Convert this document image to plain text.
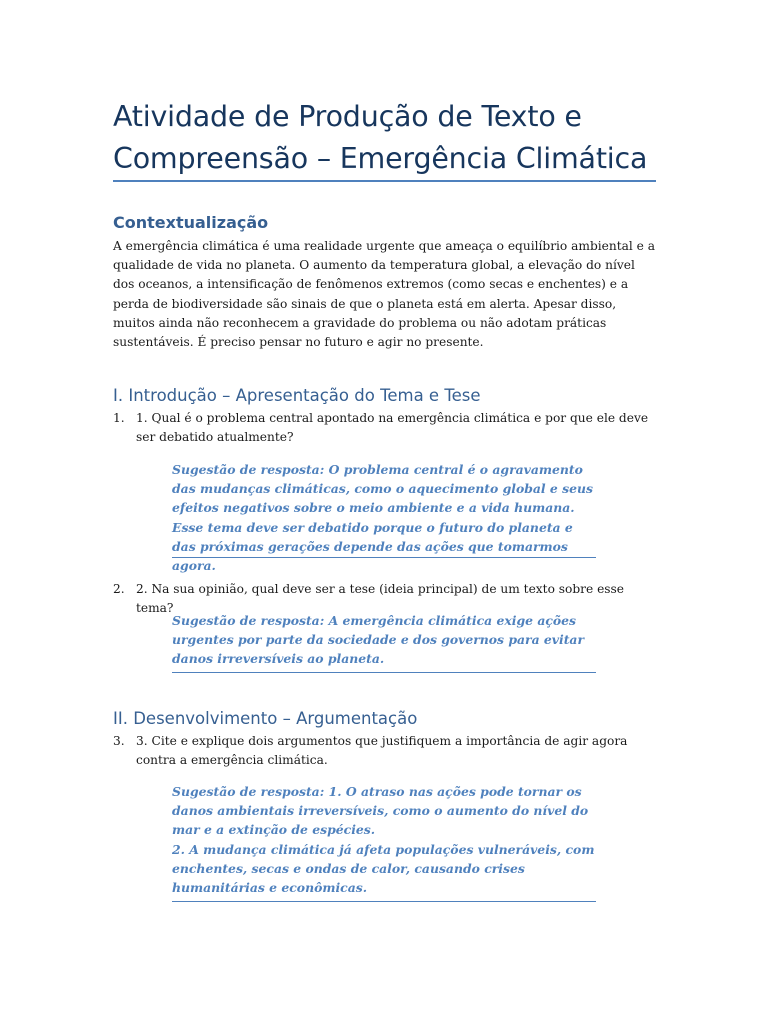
Atividade de Produção de Texto e Compreensão – Emergência Climática
Contextualização

A emergência climática é uma realidade urgente que ameaça o equilíbrio ambiental e a qualidade de vida no planeta. O aumento da temperatura global, a elevação do nível dos oceanos, a intensificação de fenômenos extremos (como secas e enchentes) e a perda de biodiversidade são sinais de que o planeta está em alerta. Apesar disso, muitos ainda não reconhecem a gravidade do problema ou não adotam práticas sustentáveis. É preciso pensar no futuro e agir no presente.

I. Introdução – Apresentação do Tema e Tese
1. 1. Qual é o problema central apontado na emergência climática e por que ele deve ser debatido atualmente?
Sugestão de resposta: O problema central é o agravamento das mudanças climáticas, como o aquecimento global e seus efeitos negativos sobre o meio ambiente e a vida humana. Esse tema deve ser debatido porque o futuro do planeta e das próximas gerações depende das ações que tomarmos agora.
2. 2. Na sua opinião, qual deve ser a tese (ideia principal) de um texto sobre esse tema?
Sugestão de resposta: A emergência climática exige ações urgentes por parte da sociedade e dos governos para evitar danos irreversíveis ao planeta.
II. Desenvolvimento – Argumentação
3. 3. Cite e explique dois argumentos que justifiquem a importância de agir agora contra a emergência climática.
Sugestão de resposta: 1. O atraso nas ações pode tornar os danos ambientais irreversíveis, como o aumento do nível do mar e a extinção de espécies.
2. A mudança climática já afeta populações vulneráveis, com enchentes, secas e ondas de calor, causando crises humanitárias e econômicas.
